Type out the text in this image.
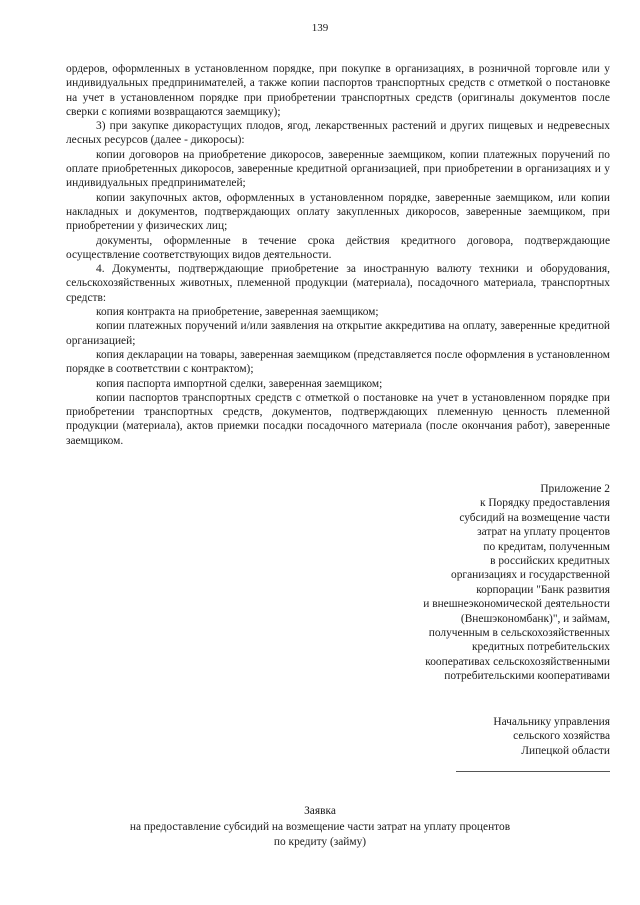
139

ордеров, оформленных в установленном порядке, при покупке в организациях, в розничной торговле или у индивидуальных предпринимателей, а также копии паспортов транспортных средств с отметкой о постановке на учет в установленном порядке при приобретении транспортных средств (оригиналы документов после сверки с копиями возвращаются заемщику);

3) при закупке дикорастущих плодов, ягод, лекарственных растений и других пищевых и недревесных лесных ресурсов (далее - дикоросы):

копии договоров на приобретение дикоросов, заверенные заемщиком, копии платежных поручений по оплате приобретенных дикоросов, заверенные кредитной организацией, при приобретении в организациях и у индивидуальных предпринимателей;

копии закупочных актов, оформленных в установленном порядке, заверенные заемщиком, или копии накладных и документов, подтверждающих оплату закупленных дикоросов, заверенные заемщиком, при приобретении у физических лиц;

документы, оформленные в течение срока действия кредитного договора, подтверждающие осуществление соответствующих видов деятельности.

4. Документы, подтверждающие приобретение за иностранную валюту техники и оборудования, сельскохозяйственных животных, племенной продукции (материала), посадочного материала, транспортных средств:

копия контракта на приобретение, заверенная заемщиком;

копии платежных поручений и/или заявления на открытие аккредитива на оплату, заверенные кредитной организацией;

копия декларации на товары, заверенная заемщиком (представляется после оформления в установленном порядке в соответствии с контрактом);

копия паспорта импортной сделки, заверенная заемщиком;

копии паспортов транспортных средств с отметкой о постановке на учет в установленном порядке при приобретении транспортных средств, документов, подтверждающих племенную ценность племенной продукции (материала), актов приемки посадки посадочного материала (после окончания работ), заверенные заемщиком.

Приложение 2
к Порядку предоставления
субсидий на возмещение части
затрат на уплату процентов
по кредитам, полученным
в российских кредитных
организациях и государственной
корпорации "Банк развития
и внешнеэкономической деятельности
(Внешэкономбанк)", и займам,
полученным в сельскохозяйственных
кредитных потребительских
кооперативах сельскохозяйственными
потребительскими кооперативами
Начальнику управления
сельского хозяйства
Липецкой области
Заявка
на предоставление субсидий на возмещение части затрат на уплату процентов
по кредиту (займу)
